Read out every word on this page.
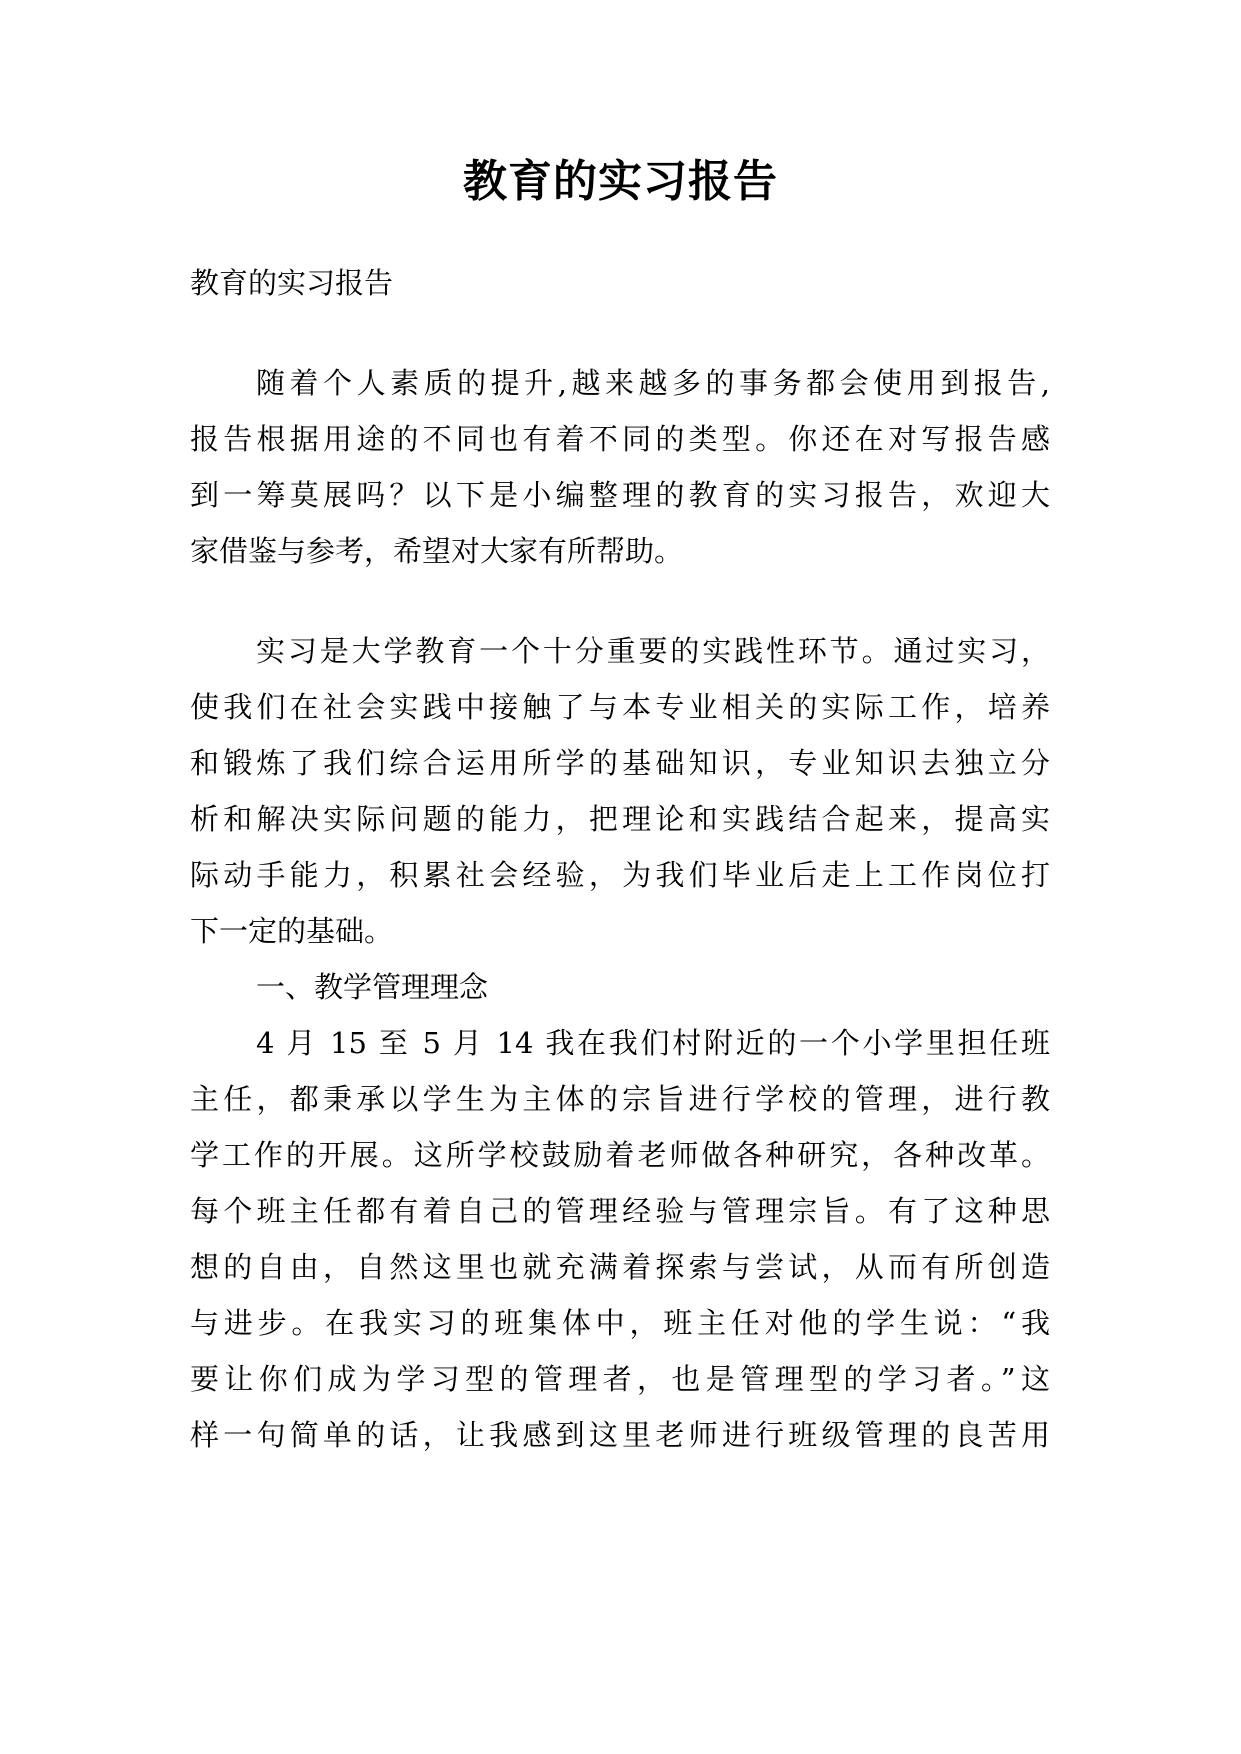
教育的实习报告
教育的实习报告
随着个人素质的提升,越来越多的事务都会使用到报告,
报告根据用途的不同也有着不同的类型。你还在对写报告感
到一筹莫展吗？以下是小编整理的教育的实习报告，欢迎大
家借鉴与参考，希望对大家有所帮助。
实习是大学教育一个十分重要的实践性环节。通过实习，
使我们在社会实践中接触了与本专业相关的实际工作，培养
和锻炼了我们综合运用所学的基础知识，专业知识去独立分
析和解决实际问题的能力，把理论和实践结合起来，提高实
际动手能力，积累社会经验，为我们毕业后走上工作岗位打
下一定的基础。
一、教学管理理念
4 月 15 至 5 月 14 我在我们村附近的一个小学里担任班
主任，都秉承以学生为主体的宗旨进行学校的管理，进行教
学工作的开展。这所学校鼓励着老师做各种研究，各种改革。
每个班主任都有着自己的管理经验与管理宗旨。有了这种思
想的自由，自然这里也就充满着探索与尝试，从而有所创造
与进步。在我实习的班集体中，班主任对他的学生说：“我
要让你们成为学习型的管理者，也是管理型的学习者。”这
样一句简单的话，让我感到这里老师进行班级管理的良苦用
